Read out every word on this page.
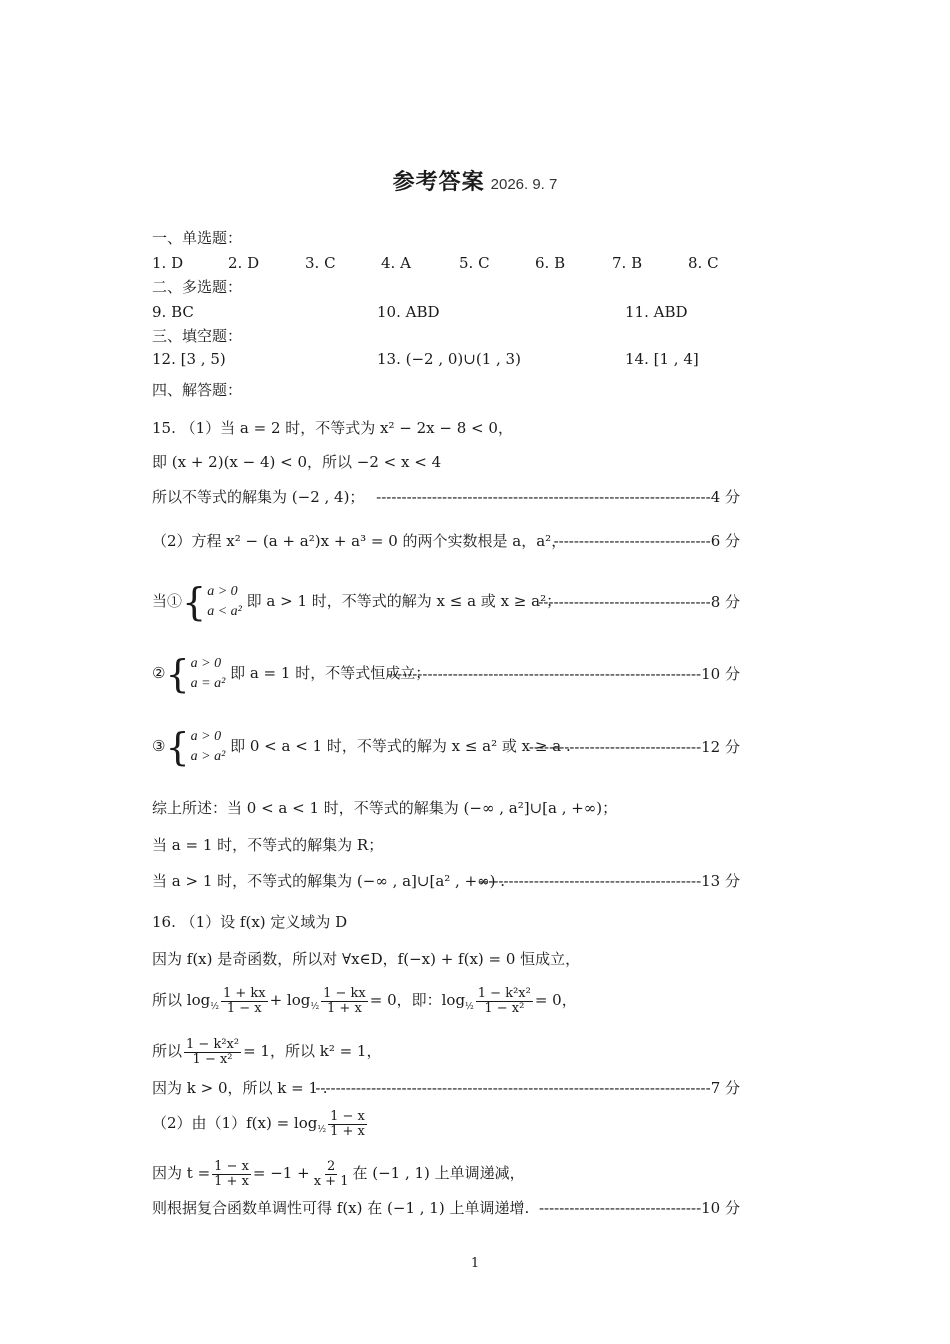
参考答案 2026. 9. 7
一、单选题：
1. D	2. D	3. C	4. A	5. C	6. B	7. B	8. C
二、多选题：
9. BC	10. ABD	11. ABD
三、填空题：
12. [3 , 5)	13. (−2 , 0)∪(1 , 3)	14. [1 , 4]
四、解答题：
15. （1）当 a = 2 时，不等式为 x² − 2x − 8 < 0，
即 (x + 2)(x − 4) < 0，所以 −2 < x < 4
所以不等式的解集为 (−2 , 4)； ------------------------------------------------------------------4 分
（2）方程 x² − (a + a²)x + a³ = 0 的两个实数根是 a，a²，
-------------------------------6 分
当① { a > 0
a < a²
即 a > 1 时，不等式的解为 x ≤ a 或 x ≥ a²；
----------------------------------8 分
② { a > 0
a = a²
即 a = 1 时，不等式恒成立；
--------------------------------------------------------------10 分
③ { a > 0
a > a²
即 0 < a < 1 时，不等式的解为 x ≤ a² 或 x ≥ a .
----------------------------------12 分
综上所述：当 0 < a < 1 时，不等式的解集为 (−∞ , a²]∪[a , +∞)；
当 a = 1 时，不等式的解集为 R；
当 a > 1 时，不等式的解集为 (−∞ , a]∪[a² , +∞) .
--------------------------------------------13 分
16. （1）设 f(x) 定义域为 D
因为 f(x) 是奇函数，所以对 ∀x∈D，f(−x) + f(x) = 0 恒成立，
所以 $\log_{\frac{1}{2}} \frac{1 + kx}{1 - x} + \log_{\frac{1}{2}} \frac{1 - kx}{1 + x} = 0$，即：$\log_{\frac{1}{2}} \frac{\text{1 − k²x²}}{\text{1 − x²}} = 0$，
所以 $\frac{\text{1 − k²x²}}{\text{1 − x²}} = 1$，所以 k² = 1，
因为 k > 0，所以 k = 1 .
------------------------------------------------------------------------------7 分
（2）由$(1)f(x) = \log_{\frac{1}{2}} \frac{1 - x}{1 + x}$
因为 $t = \frac{1 - x}{1 + x} = -1 + \frac{2}{x + 1}$ 在 (−1 , 1) 上单调递减，
则根据复合函数单调性可得 f(x) 在 (−1 , 1) 上单调递增. --------------------------------10 分
1
